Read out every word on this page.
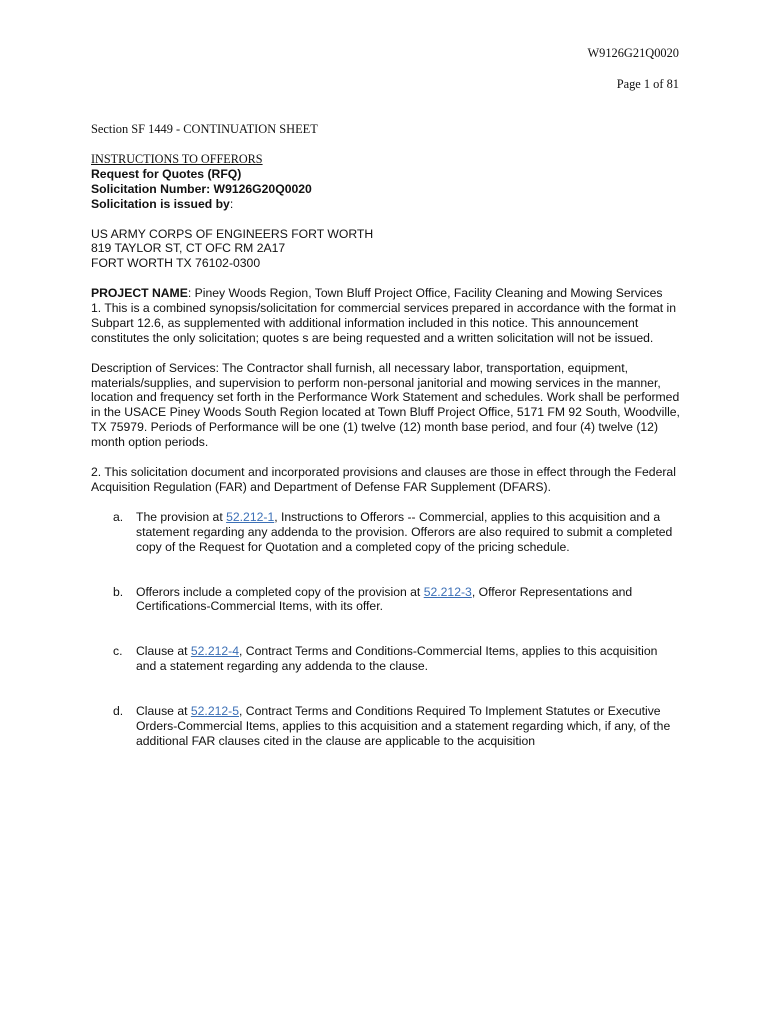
W9126G21Q0020
Page 1 of 81
Section SF 1449 - CONTINUATION SHEET

INSTRUCTIONS TO OFFERORS

Request for Quotes (RFQ)

Solicitation Number: W9126G20Q0020

Solicitation is issued by:

US ARMY CORPS OF ENGINEERS FORT WORTH

819 TAYLOR ST, CT OFC RM 2A17

FORT WORTH TX 76102-0300

PROJECT NAME: Piney Woods Region, Town Bluff Project Office, Facility Cleaning and Mowing Services

1. This is a combined synopsis/solicitation for commercial services prepared in accordance with the format in Subpart 12.6, as supplemented with additional information included in this notice. This announcement constitutes the only solicitation; quotes s are being requested and a written solicitation will not be issued.

Description of Services: The Contractor shall furnish, all necessary labor, transportation, equipment, materials/supplies, and supervision to perform non-personal janitorial and mowing services in the manner, location and frequency set forth in the Performance Work Statement and schedules. Work shall be performed in the USACE Piney Woods South Region located at Town Bluff Project Office, 5171 FM 92 South, Woodville, TX 75979. Periods of Performance will be one (1) twelve (12) month base period, and four (4) twelve (12) month option periods.

2. This solicitation document and incorporated provisions and clauses are those in effect through the Federal Acquisition Regulation (FAR) and Department of Defense FAR Supplement (DFARS).

a. The provision at 52.212-1, Instructions to Offerors -- Commercial, applies to this acquisition and a statement regarding any addenda to the provision. Offerors are also required to submit a completed copy of the Request for Quotation and a completed copy of the pricing schedule.
b. Offerors include a completed copy of the provision at 52.212-3, Offeror Representations and Certifications-Commercial Items, with its offer.
c. Clause at 52.212-4, Contract Terms and Conditions-Commercial Items, applies to this acquisition and a statement regarding any addenda to the clause.
d. Clause at 52.212-5, Contract Terms and Conditions Required To Implement Statutes or Executive Orders-Commercial Items, applies to this acquisition and a statement regarding which, if any, of the additional FAR clauses cited in the clause are applicable to the acquisition
